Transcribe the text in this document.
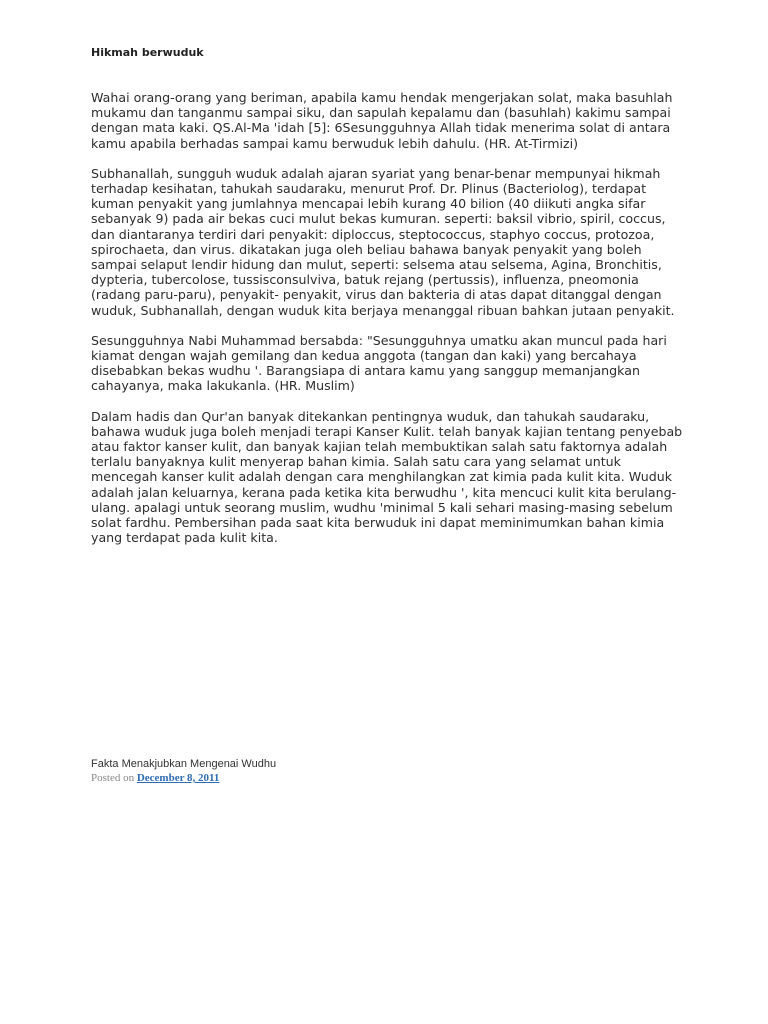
Hikmah berwuduk

Wahai orang-orang yang beriman, apabila kamu hendak mengerjakan solat, maka basuhlah mukamu dan tanganmu sampai siku, dan sapulah kepalamu dan (basuhlah) kakimu sampai dengan mata kaki. QS.Al-Ma 'idah [5]: 6Sesungguhnya Allah tidak menerima solat di antara kamu apabila berhadas sampai kamu berwuduk lebih dahulu. (HR. At-Tirmizi)

Subhanallah, sungguh wuduk adalah ajaran syariat yang benar-benar mempunyai hikmah terhadap kesihatan, tahukah saudaraku, menurut Prof. Dr. Plinus (Bacteriolog), terdapat kuman penyakit yang jumlahnya mencapai lebih kurang 40 bilion (40 diikuti angka sifar sebanyak 9) pada air bekas cuci mulut bekas kumuran. seperti: baksil vibrio, spiril, coccus, dan diantaranya terdiri dari penyakit: diploccus, steptococcus, staphyo coccus, protozoa, spirochaeta, dan virus. dikatakan juga oleh beliau bahawa banyak penyakit yang boleh sampai selaput lendir hidung dan mulut, seperti: selsema atau selsema, Agina, Bronchitis, dypteria, tubercolose, tussisconsulviva, batuk rejang (pertussis), influenza, pneomonia (radang paru-paru), penyakit- penyakit, virus dan bakteria di atas dapat ditanggal dengan wuduk, Subhanallah, dengan wuduk kita berjaya menanggal ribuan bahkan jutaan penyakit.

Sesungguhnya Nabi Muhammad bersabda: "Sesungguhnya umatku akan muncul pada hari kiamat dengan wajah gemilang dan kedua anggota (tangan dan kaki) yang bercahaya disebabkan bekas wudhu '. Barangsiapa di antara kamu yang sanggup memanjangkan cahayanya, maka lakukanla. (HR. Muslim)

Dalam hadis dan Qur'an banyak ditekankan pentingnya wuduk, dan tahukah saudaraku, bahawa wuduk juga boleh menjadi terapi Kanser Kulit. telah banyak kajian tentang penyebab atau faktor kanser kulit, dan banyak kajian telah membuktikan salah satu faktornya adalah terlalu banyaknya kulit menyerap bahan kimia. Salah satu cara yang selamat untuk mencegah kanser kulit adalah dengan cara menghilangkan zat kimia pada kulit kita. Wuduk adalah jalan keluarnya, kerana pada ketika kita berwudhu ', kita mencuci kulit kita berulang-ulang. apalagi untuk seorang muslim, wudhu 'minimal 5 kali sehari masing-masing sebelum solat fardhu. Pembersihan pada saat kita berwuduk ini dapat meminimumkan bahan kimia yang terdapat pada kulit kita.

Fakta Menakjubkan Mengenai Wudhu

Posted on December 8, 2011
